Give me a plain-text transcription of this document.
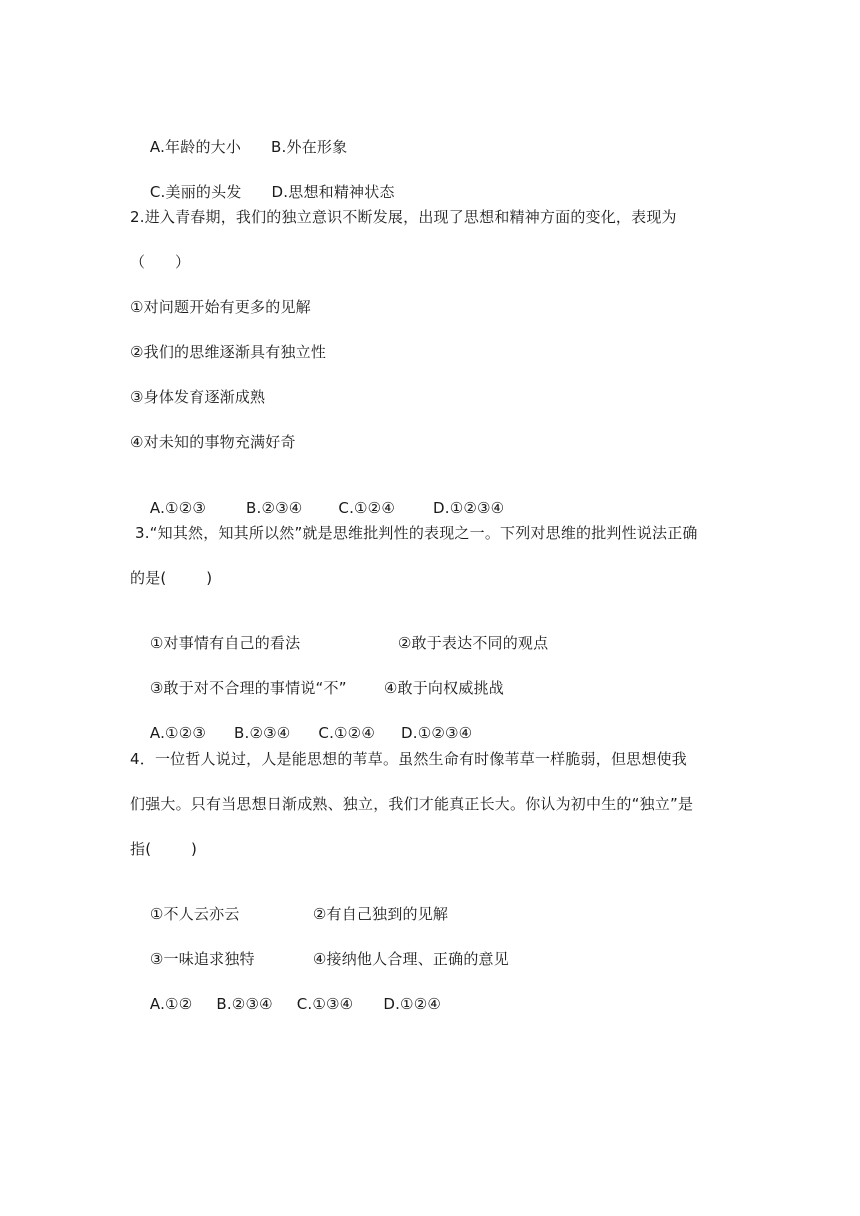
A.年龄的大小 B.外在形象

C.美丽的头发 D.思想和精神状态

2.进入青春期，我们的独立意识不断发展，出现了思想和精神方面的变化，表现为
（      ）
①对问题开始有更多的见解
②我们的思维逐渐具有独立性
③身体发育逐渐成熟
④对未知的事物充满好奇

A.①②③	B.②③④ C.①②④	D.①②③④

3.“知其然，知其所以然”就是思维批判性的表现之一。下列对思维的批判性说法正确
的是(        )

①对事情有自己的看法	②敢于表达不同的观点

③敢于对不合理的事情说“不” ④敢于向权威挑战

A.①②③ B.②③④ C.①②④ D.①②③④

4．一位哲人说过，人是能思想的苇草。虽然生命有时像苇草一样脆弱，但思想使我
们强大。只有当思想日渐成熟、独立，我们才能真正长大。你认为初中生的“独立”是
指(        )

①不人云亦云	②有自己独到的见解

③一味追求独特	④接纳他人合理、正确的意见

A.①② B.②③④ C.①③④ D.①②④
